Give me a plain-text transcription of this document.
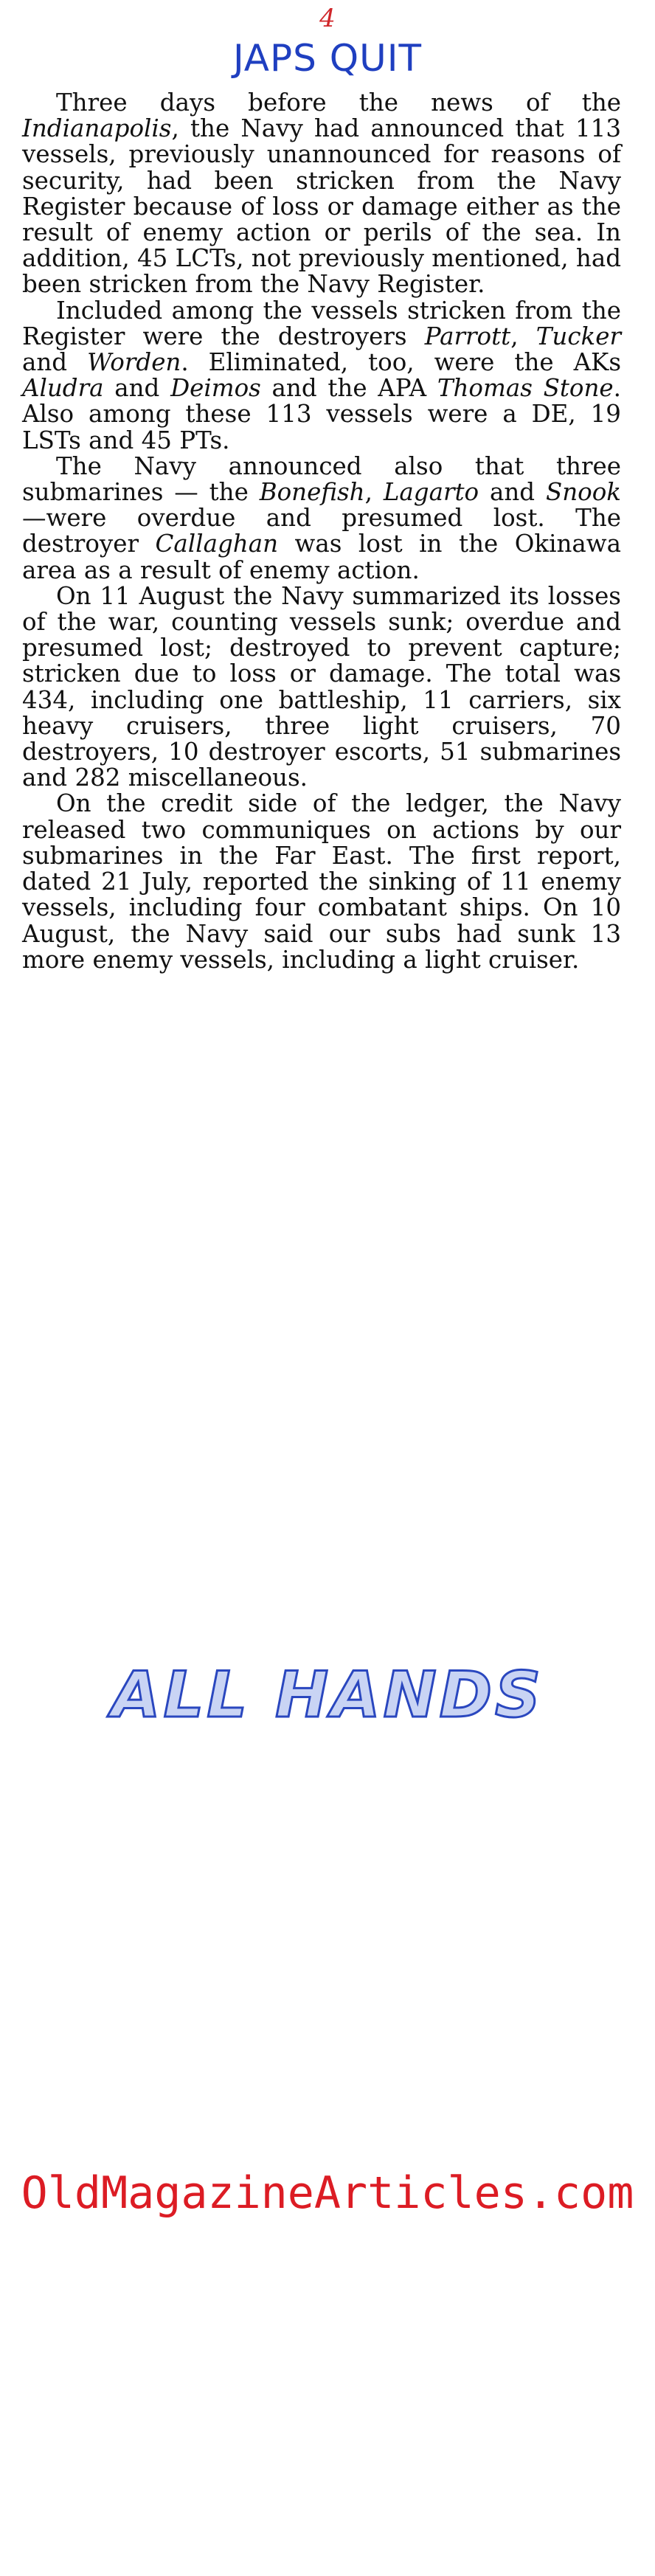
4
JAPS QUIT

Three days before the news of the Indianapolis, the Navy had announced that 113 vessels, previously unannounced for reasons of security, had been stricken from the Navy Register because of loss or damage either as the result of enemy action or perils of the sea. In addition, 45 LCTs, not previously mentioned, had been stricken from the Navy Register.

Included among the vessels stricken from the Register were the destroyers Parrott, Tucker and Worden. Eliminated, too, were the AKs Aludra and Deimos and the APA Thomas Stone. Also among these 113 vessels were a DE, 19 LSTs and 45 PTs.

The Navy announced also that three submarines — the Bonefish, Lagarto and Snook—were overdue and presumed lost. The destroyer Callaghan was lost in the Okinawa area as a result of enemy action.

On 11 August the Navy summarized its losses of the war, counting vessels sunk; overdue and presumed lost; destroyed to prevent capture; stricken due to loss or damage. The total was 434, including one battleship, 11 carriers, six heavy cruisers, three light cruisers, 70 destroyers, 10 destroyer escorts, 51 submarines and 282 miscellaneous.

On the credit side of the ledger, the Navy released two communiques on actions by our submarines in the Far East. The first report, dated 21 July, reported the sinking of 11 enemy vessels, including four combatant ships. On 10 August, the Navy said our subs had sunk 13 more enemy vessels, including a light cruiser.

ALL HANDS
OldMagazineArticles.com
